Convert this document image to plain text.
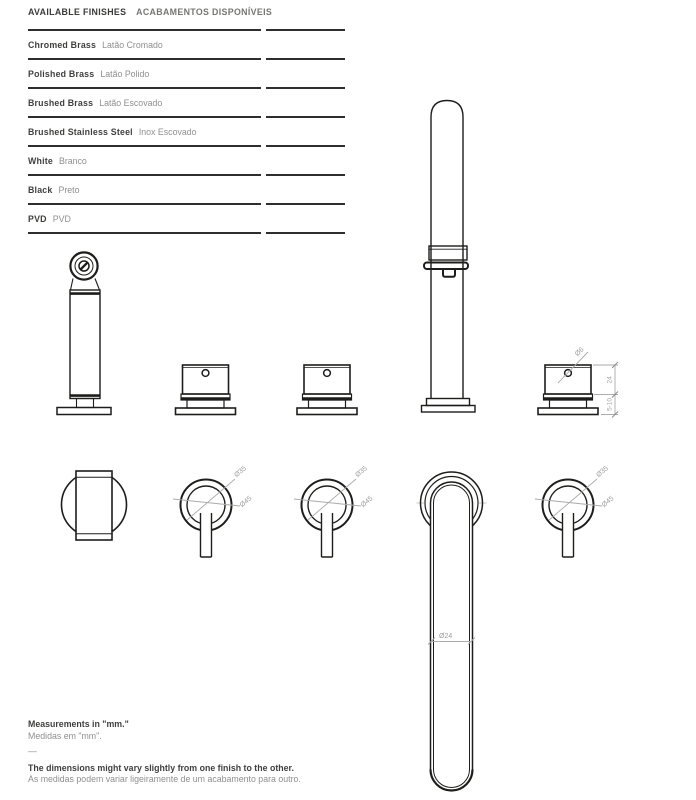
AVAILABLE FINISHES ACABAMENTOS DISPONÍVEIS
Chromed Brass Latão Cromado
Polished Brass Latão Polido
Brushed Brass Latão Escovado
Brushed Stainless Steel Inox Escovado
White Branco
Black Preto
PVD PVD
Ø6
24
5-10
Ø35
Ø45
Ø35
Ø45
Ø35
Ø45
Ø24
Measurements in "mm."
Medidas em "mm".
—
The dimensions might vary slightly from one finish to the other.
As medidas podem variar ligeiramente de um acabamento para outro.
